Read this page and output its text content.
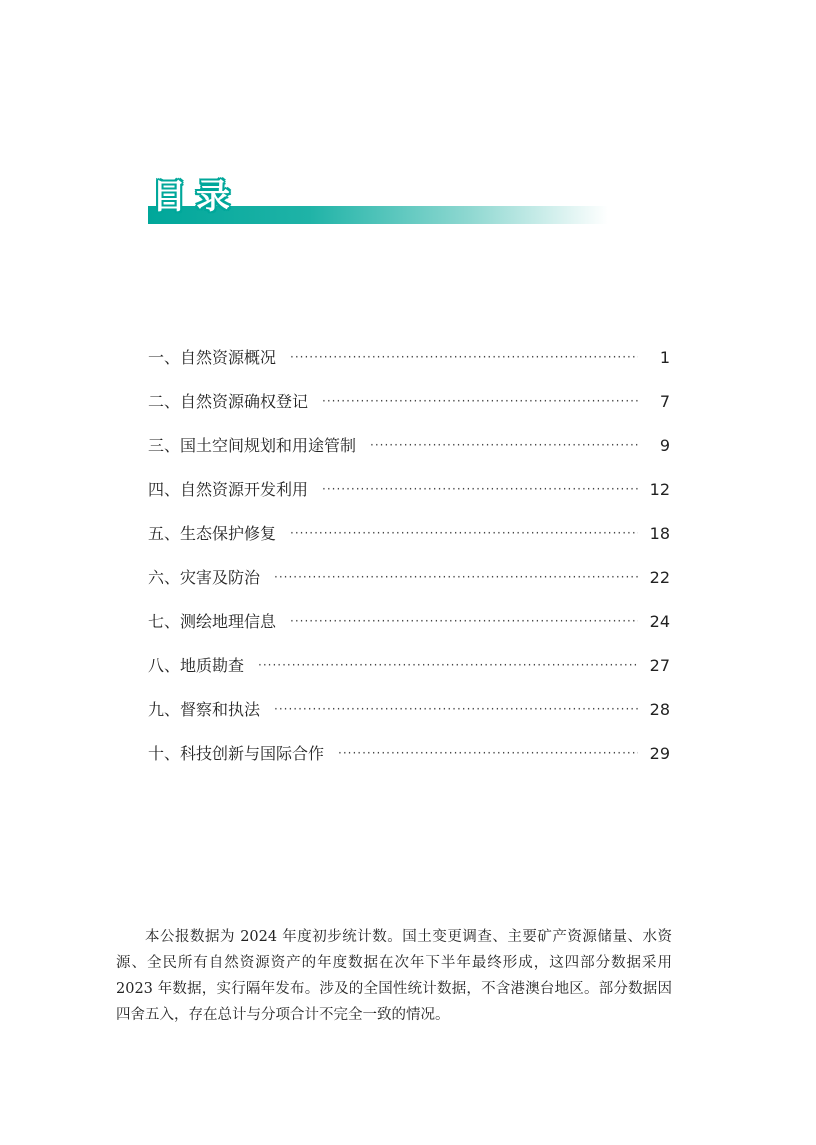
目录
一、自然资源概况 ·····	1
二、自然资源确权登记 ·····	7
三、国土空间规划和用途管制 ·····	9
四、自然资源开发利用 ·····	12
五、生态保护修复 ·····	18
六、灾害及防治 ·····	22
七、测绘地理信息 ·····	24
八、地质勘查 ·····	27
九、督察和执法 ·····	28
十、科技创新与国际合作 ·····	29

本公报数据为 2024 年度初步统计数。国土变更调查、主要矿产资源储量、水资源、全民所有自然资源资产的年度数据在次年下半年最终形成，这四部分数据采用 2023 年数据，实行隔年发布。涉及的全国性统计数据，不含港澳台地区。部分数据因四舍五入，存在总计与分项合计不完全一致的情况。
